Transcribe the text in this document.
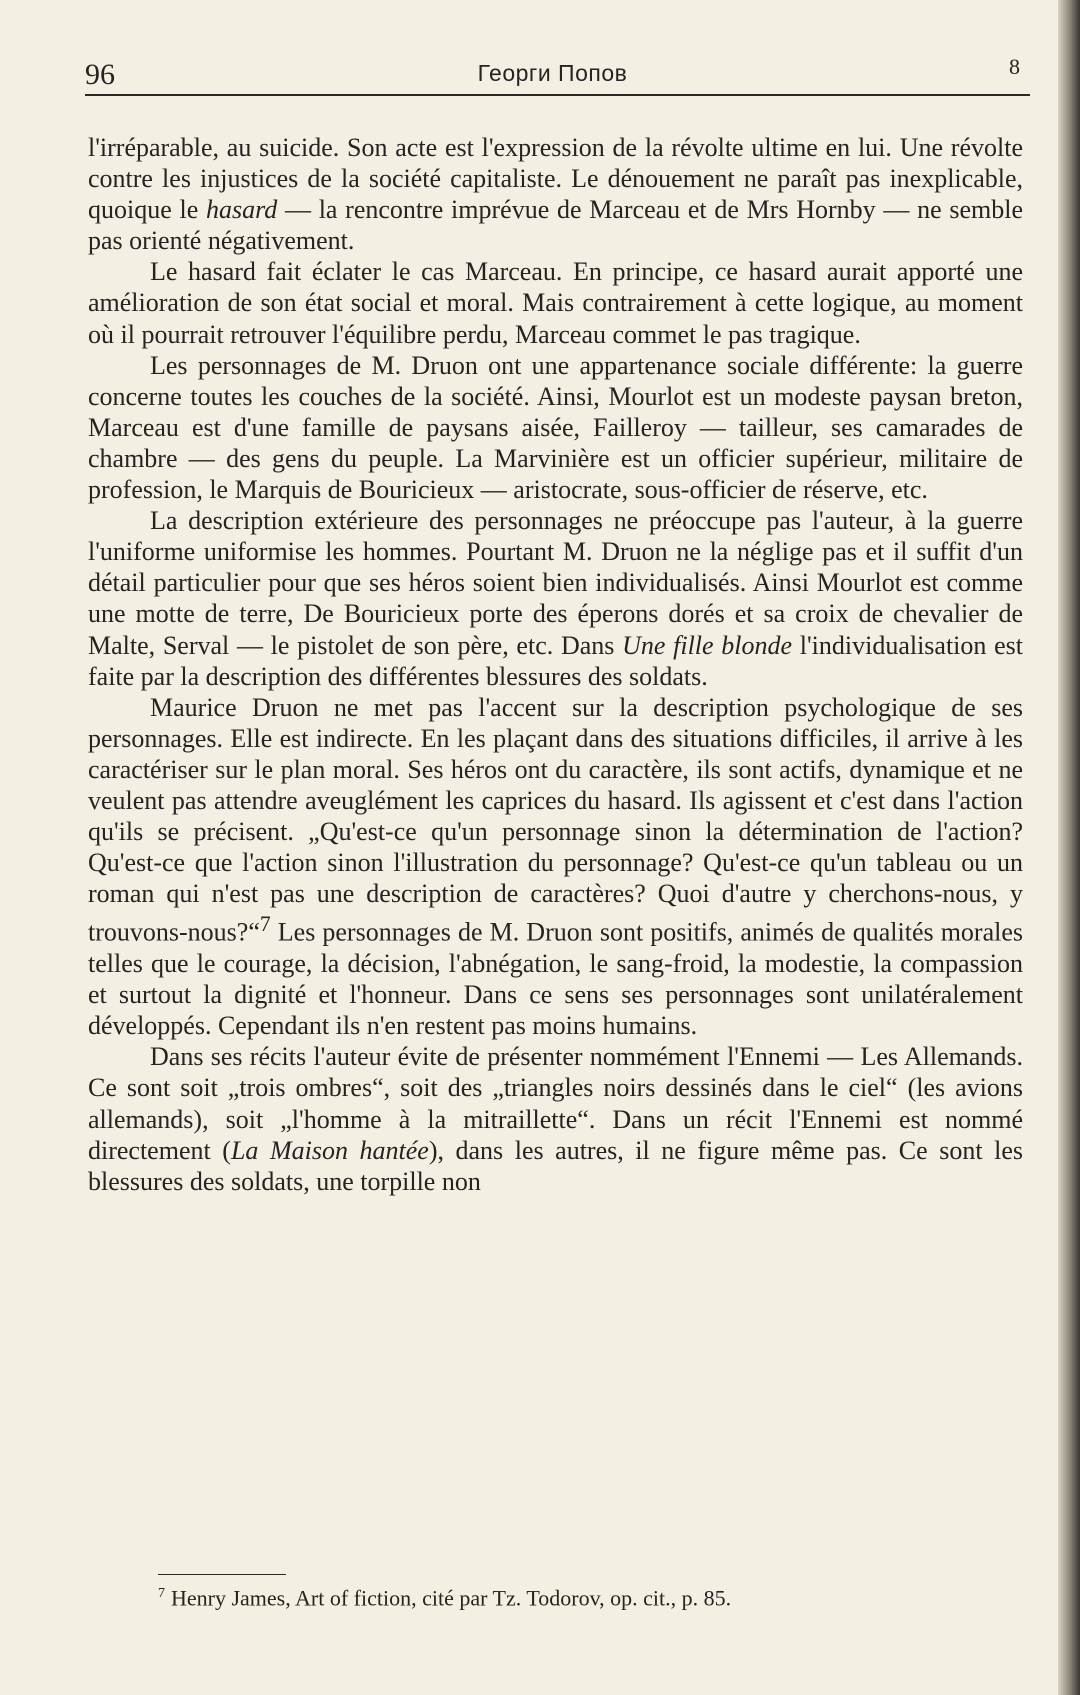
96	Георги Попов	8

l'irréparable, au suicide. Son acte est l'expression de la révolte ultime en lui. Une révolte contre les injustices de la société capitaliste. Le dénouement ne paraît pas inexplicable, quoique le hasard — la rencontre imprévue de Marceau et de Mrs Hornby — ne semble pas orienté négativement.

Le hasard fait éclater le cas Marceau. En principe, ce hasard aurait apporté une amélioration de son état social et moral. Mais contrairement à cette logique, au moment où il pourrait retrouver l'équilibre perdu, Marceau commet le pas tragique.

Les personnages de M. Druon ont une appartenance sociale différente: la guerre concerne toutes les couches de la société. Ainsi, Mourlot est un modeste paysan breton, Marceau est d'une famille de paysans aisée, Failleroy — tailleur, ses camarades de chambre — des gens du peuple. La Marvinière est un officier supérieur, militaire de profession, le Marquis de Bouricieux — aristocrate, sous-officier de réserve, etc.

La description extérieure des personnages ne préoccupe pas l'auteur, à la guerre l'uniforme uniformise les hommes. Pourtant M. Druon ne la néglige pas et il suffit d'un détail particulier pour que ses héros soient bien individualisés. Ainsi Mourlot est comme une motte de terre, De Bouricieux porte des éperons dorés et sa croix de chevalier de Malte, Serval — le pistolet de son père, etc. Dans Une fille blonde l'individualisation est faite par la description des différentes blessures des soldats.

Maurice Druon ne met pas l'accent sur la description psychologique de ses personnages. Elle est indirecte. En les plaçant dans des situations difficiles, il arrive à les caractériser sur le plan moral. Ses héros ont du caractère, ils sont actifs, dynamique et ne veulent pas attendre aveuglément les caprices du hasard. Ils agissent et c'est dans l'action qu'ils se précisent. „Qu'est-ce qu'un personnage sinon la détermination de l'action? Qu'est-ce que l'action sinon l'illustration du personnage? Qu'est-ce qu'un tableau ou un roman qui n'est pas une description de caractères? Quoi d'autre y cherchons-nous, y trouvons-nous?“$^7$ Les personnages de M. Druon sont positifs, animés de qualités morales telles que le courage, la décision, l'abnégation, le sang-froid, la modestie, la compassion et surtout la dignité et l'honneur. Dans ce sens ses personnages sont unilatéralement développés. Cependant ils n'en restent pas moins humains.

Dans ses récits l'auteur évite de présenter nommément l'Ennemi — Les Allemands. Ce sont soit „trois ombres“, soit des „triangles noirs dessinés dans le ciel“ (les avions allemands), soit „l'homme à la mitraillette“. Dans un récit l'Ennemi est nommé directement (La Maison hantée), dans les autres, il ne figure même pas. Ce sont les blessures des soldats, une torpille non

$^7$ Henry James, Art of fiction, cité par Tz. Todorov, op. cit., p. 85.
